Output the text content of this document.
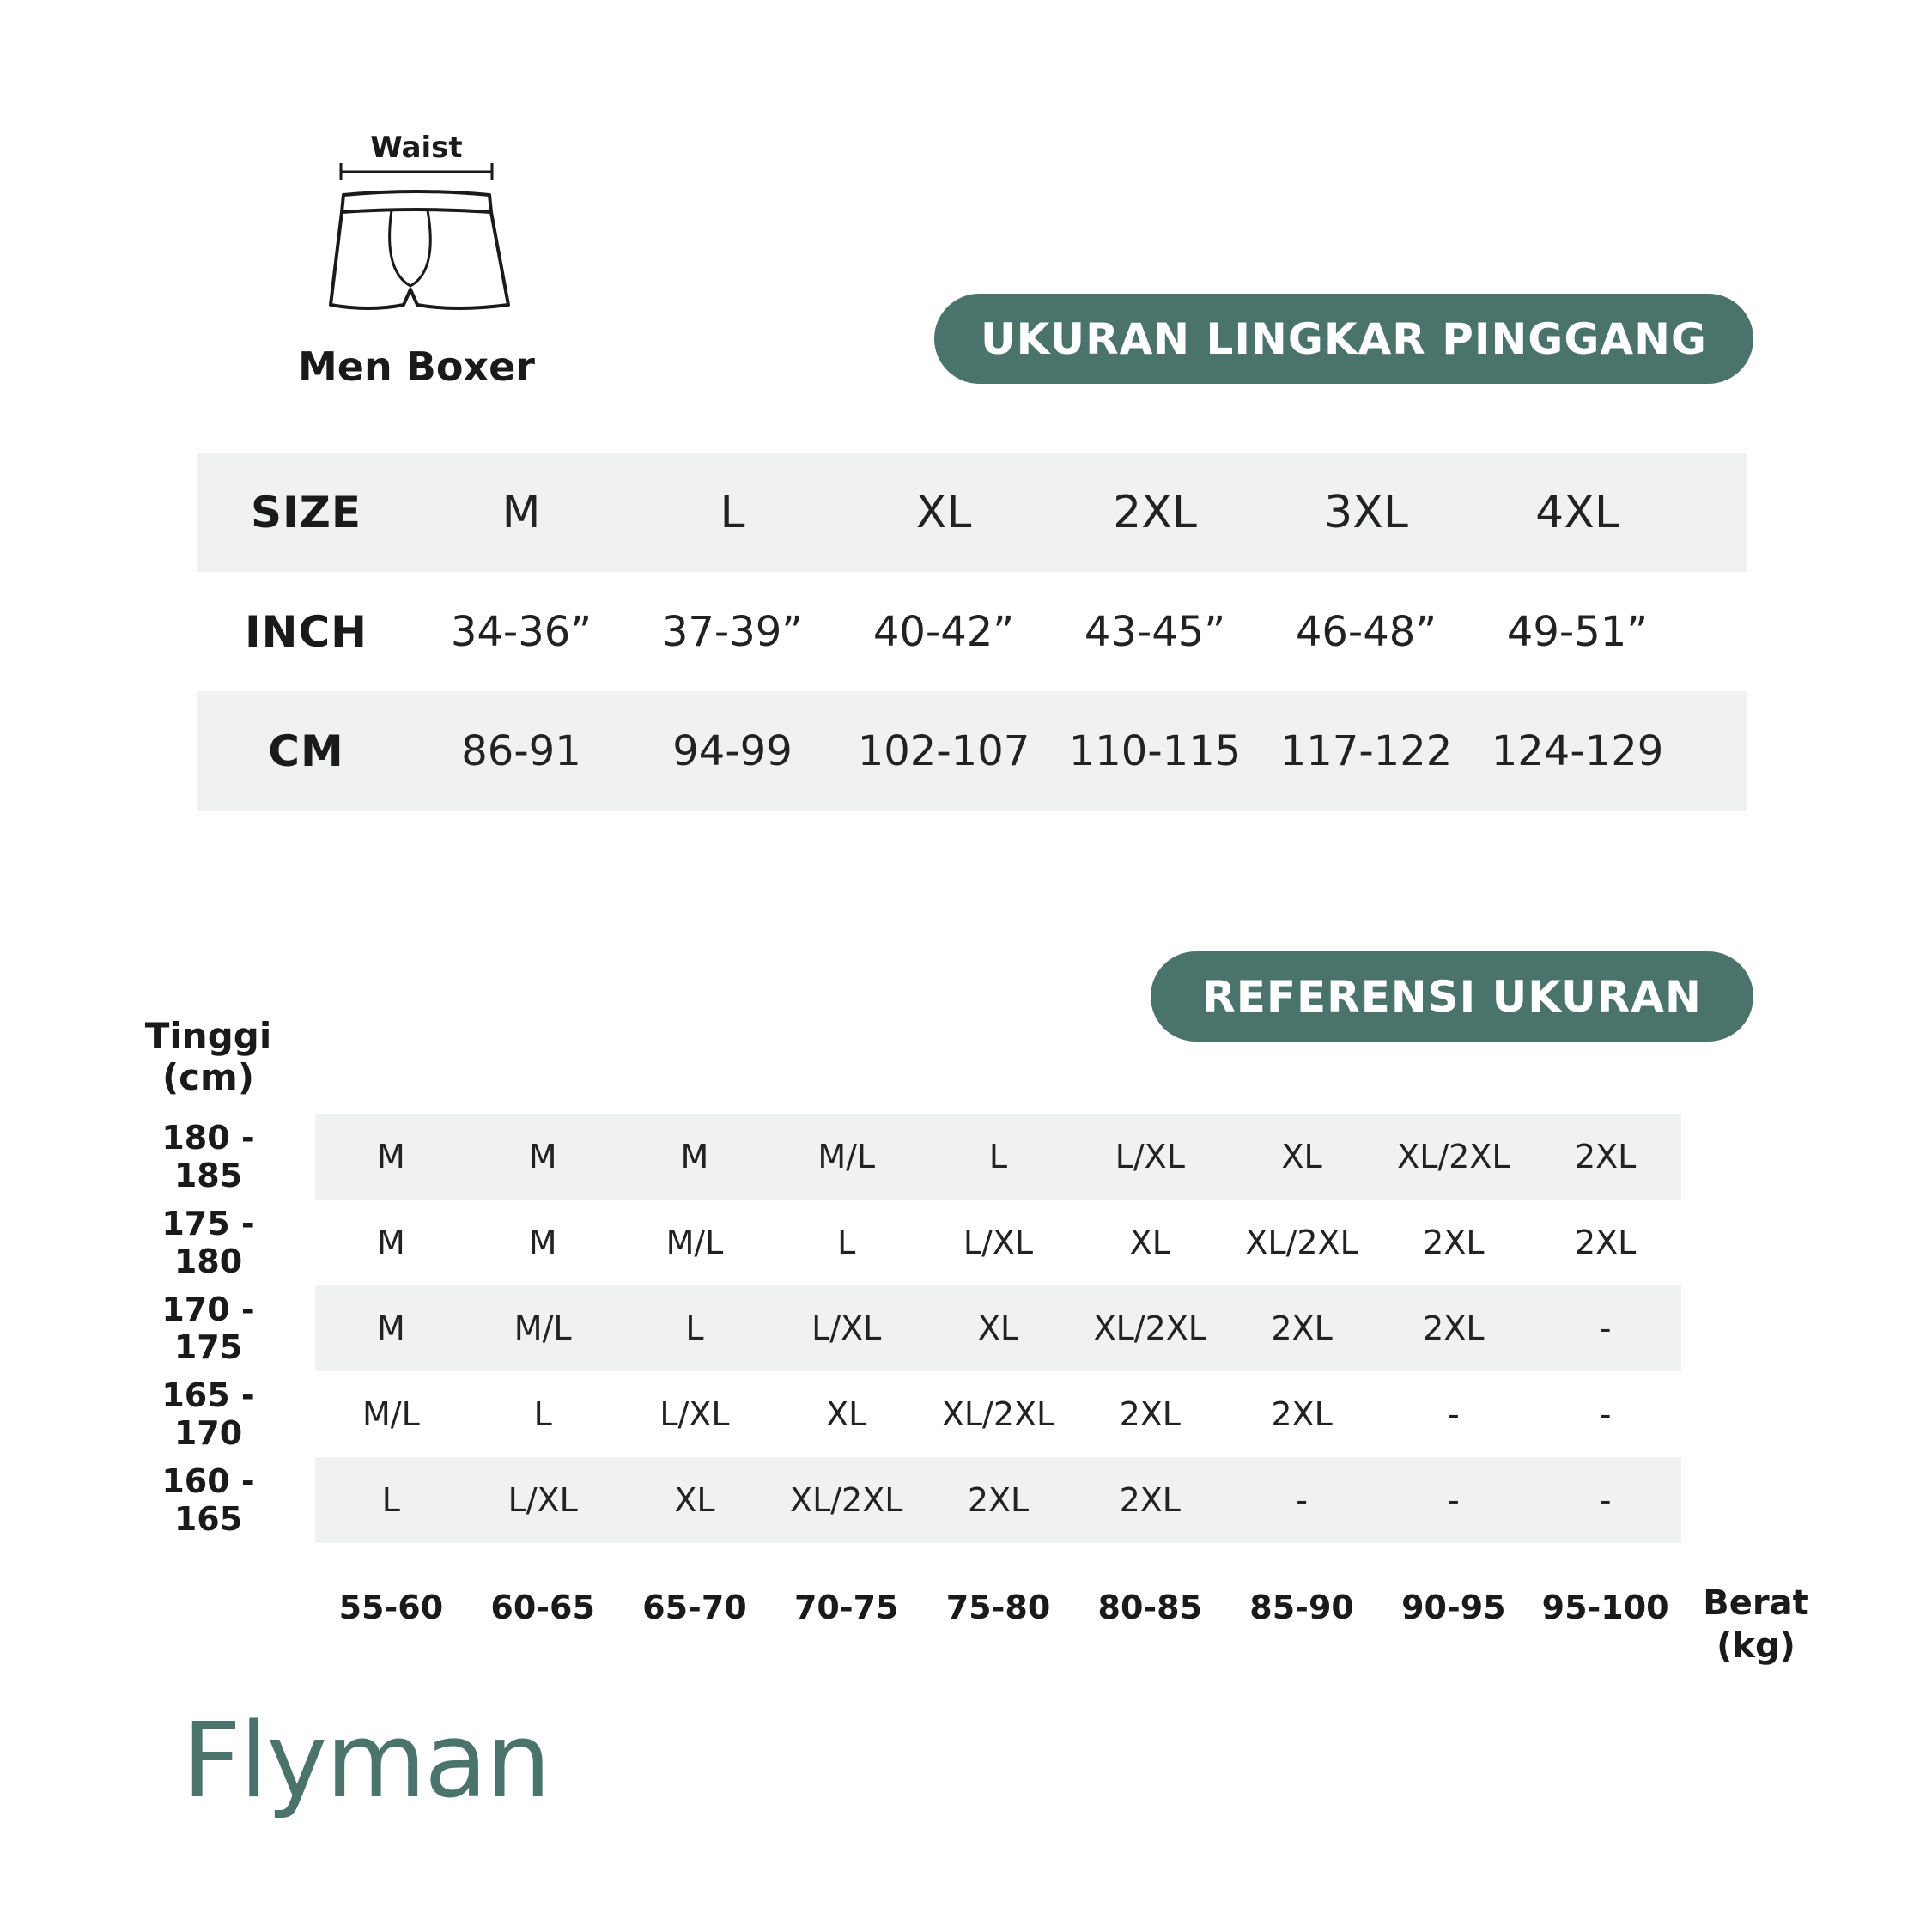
Waist
Men Boxer
UKURAN LINGKAR PINGGANG
SIZE	M	L	XL	2XL	3XL	4XL
INCH	34-36”	37-39”	40-42”	43-45”	46-48”	49-51”
CM	86-91	94-99	102-107 110-115 117-122 124-129
REFERENSI UKURAN
Tinggi
(cm)
180 - 185	M	M	M	M/L	L	L/XL	XL	XL/2XL	2XL
175 - 180	M	M	M/L	L	L/XL	XL	XL/2XL	2XL	2XL
170 - 175	M	M/L	L	L/XL	XL	XL/2XL	2XL	2XL	-
165 - 170	M/L	L	L/XL	XL	XL/2XL	2XL	2XL	-	-
160 - 165	L	L/XL	XL	XL/2XL	2XL	2XL	-	-	-
55-60	60-65	65-70	70-75	75-80	80-85	85-90	90-95	95-100 Berat
(kg)
Flyman
